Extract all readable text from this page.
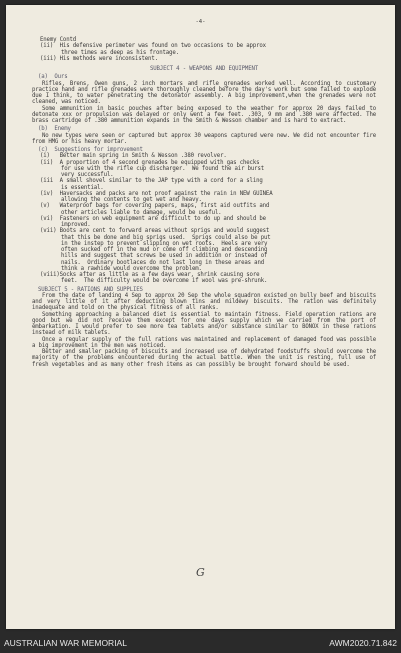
-4-
Enemy Contd
(ii)  His defensive perimeter was found on two occasions to be approx
three times as deep as his frontage.
(iii) His methods were inconsistent.
SUBJECT 4 - WEAPONS AND EQUIPMENT
(a)  Ours
Rifles, Brens, Owen guns, 2 inch mortars and rifle grenades worked well. According to customary practice hand and rifle grenades were thoroughly cleaned before the day's work but some failed to explode due I think, to water penetrating the detonator assembly. A big improvement,when the grenades were not cleaned, was noticed.
Some ammunition in basic pouches after being exposed to the weather for approx 20 days failed to detonate xxx or propulsion was delayed or only went a few feet. .303, 9 mm and .380 were affected. The brass cartridge of .380 ammunition expands in the Smith & Wesson chamber and is hard to extract.
(b)  Enemy
No new types were seen or captured but approx 30 weapons captured were new. We did not encounter fire from HMG or his heavy mortar.
(c)  Suggestions for improvement
(i)   Better main spring in Smith & Wesson .380 revolver.
(ii)  A proportion of 4 second grenades be equipped with gas checks
for use with the rifle cup discharger.  We found the air burst
very successful.
(iii  A small shovel similar to the JAP type with a cord for a sling
is essential.
(iv)  Haversacks and packs are not proof against the rain in NEW GUINEA
allowing the contents to get wet and heavy.
(v)   Waterproof bags for covering papers, maps, first aid outfits and
other articles liable to damage, would be useful.
(vi)  Fasteners on web equipment are difficult to do up and should be
improved.
(vii) Boots are cent to forward areas without sprigs and would suggest
that this be done and big sprigs used.  Sprigs could also be put
in the instep to prevent slipping on wet roots.  Heels are very
often sucked off in the mud or come off climbing and descending
hills and suggest that screws be used in addition or instead of
nails.  Ordinary bootlaces do not last long in these areas and
think a rawhide would overcome the problem.
(viii)Socks after as little as a few days wear, shrink causing sore
feet.  The difficulty would be overcome if wool was pre-shrunk.
SUBJECT 5 - RATIONS AND SUPPLIES
From the date of landing 4 Sep to approx 20 Sep the whole squadron existed on bully beef and biscuits and very little of it after deducting blown tins and mildewy biscuits. The ration was definitely inadequate and told on the physical fitness of all ranks.
Something approaching a balanced diet is essential to maintain fitness. Field operation rations are good but we did not receive them except for one days supply which we carried from the port of embarkation. I would prefer to see more tea tablets and/or substance similar to BONOX in these rations instead of milk tablets.
Once a regular supply of the full rations was maintained and replacement of damaged food was possible a big improvement in the men was noticed.
Better and smaller packing of biscuits and increased use of dehydrated foodstuffs should overcome the majority of the problems encountered during the actual battle. When the unit is resting, full use of fresh vegetables and as many other fresh items as can possibly be brought forward should be used.
G
AUSTRALIAN WAR MEMORIAL	AWM2020.71.842
